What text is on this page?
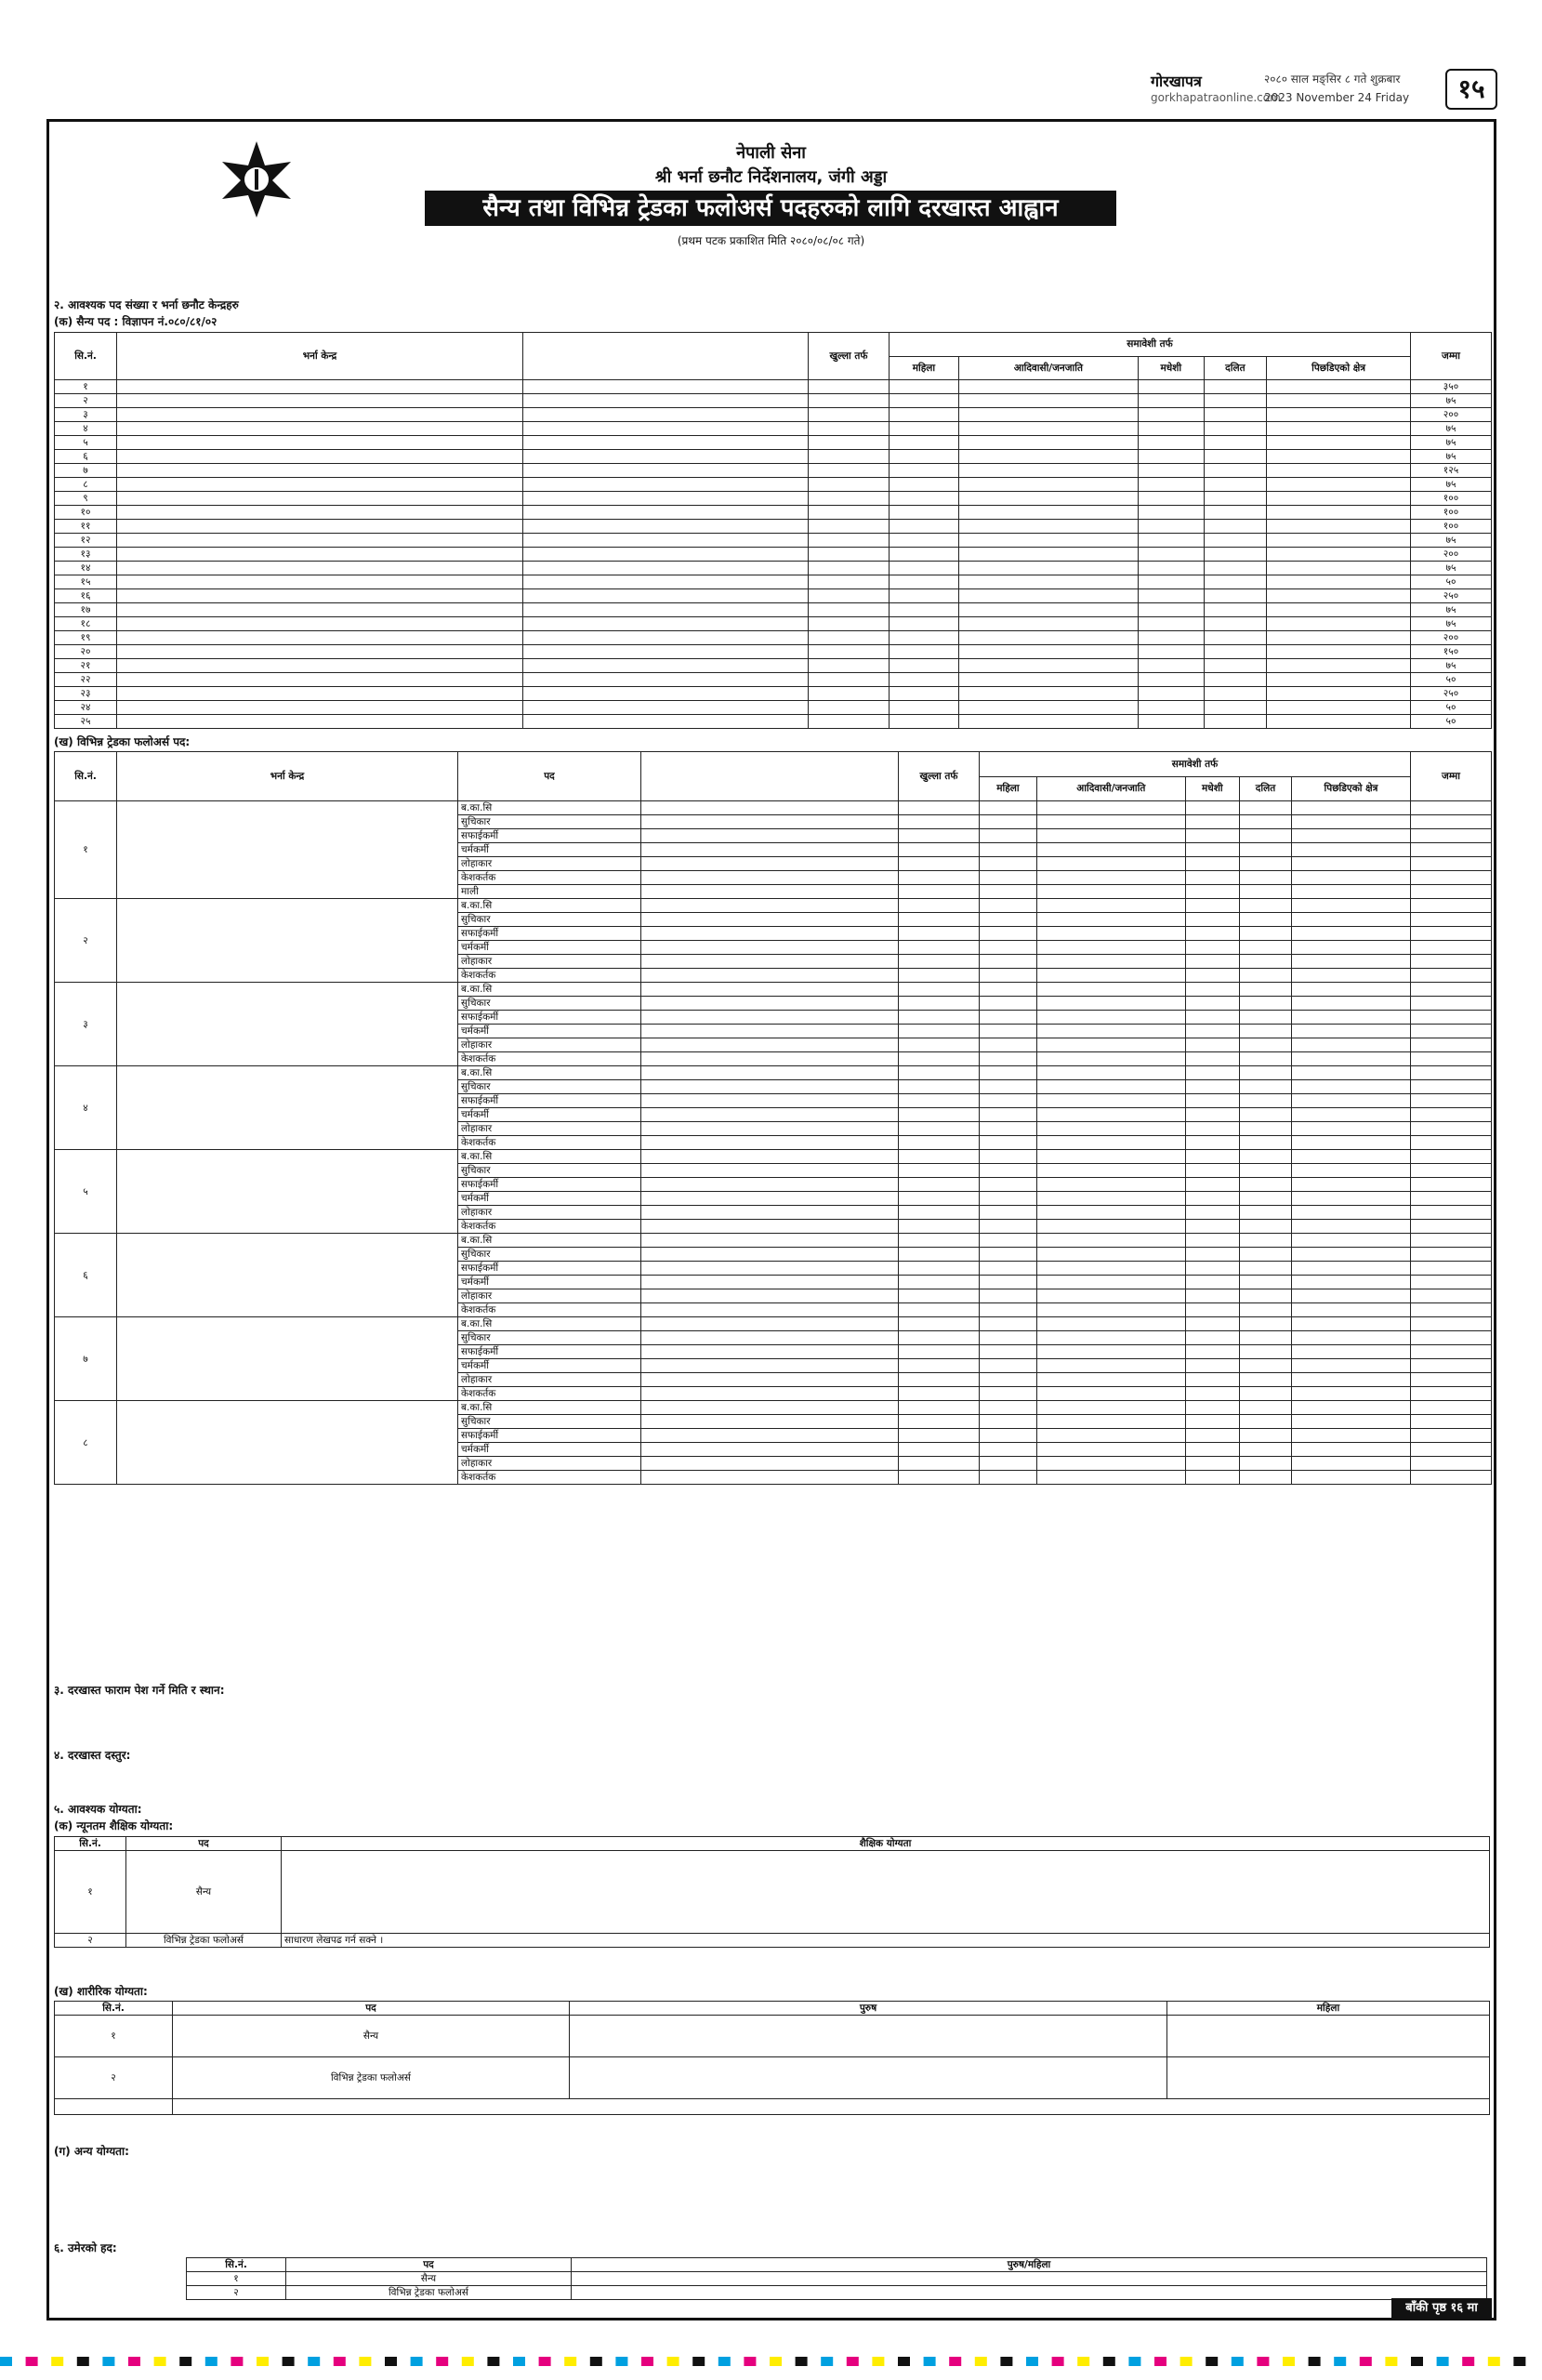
गोरखापत्र
gorkhapatraonline.com
२०८० साल मङ्सिर ८ गते शुक्रबार
2023 November 24 Friday	१५
नेपाली सेना
श्री भर्ना छनौट निर्देशनालय, जंगी अड्डा
सैन्य तथा विभिन्न ट्रेडका फलोअर्स पदहरुको लागि दरखास्त आह्वान
(प्रथम पटक प्रकाशित मिति २०८०/०८/०८ गते)
२. आवश्यक पद संख्या र भर्ना छनौट केन्द्रहरु
(क) सैन्य पद : विज्ञापन नं.०८०/८१/०२
सि.नं.	भर्ना केन्द्र		खुल्ला तर्फ	समावेशी तर्फ					जम्मा
				महिला	आदिवासी/जनजाति	मधेशी	दलित	पिछडिएको क्षेत्र	
१									३५०
२									७५
३									२००
४									७५
५									७५
६									७५
७									१२५
८									७५
९									१००
१०									१००
११									१००
१२									७५
१३									२००
१४									७५
१५									५०
१६									२५०
१७									७५
१८									७५
१९									२००
२०									१५०
२१									७५
२२									५०
२३									२५०
२४									५०
२५									५०
(ख) विभिन्न ट्रेडका फलोअर्स पद:
सि.नं.	भर्ना केन्द्र	पद		खुल्ला तर्फ	समावेशी तर्फ					जम्मा
					महिला	आदिवासी/जनजाति	मधेशी	दलित	पिछडिएको क्षेत्र	
१		ब.का.सि								
		सुचिकार								
		सफाईकर्मी								
		चर्मकर्मी								
		लोहाकार								
		केशकर्तक								
		माली								
२		ब.का.सि								
		सुचिकार								
		सफाईकर्मी								
		चर्मकर्मी								
		लोहाकार								
		केशकर्तक								
३		ब.का.सि								
		सुचिकार								
		सफाईकर्मी								
		चर्मकर्मी								
		लोहाकार								
		केशकर्तक								
४		ब.का.सि								
		सुचिकार								
		सफाईकर्मी								
		चर्मकर्मी								
		लोहाकार								
		केशकर्तक								
५		ब.का.सि								
		सुचिकार								
		सफाईकर्मी								
		चर्मकर्मी								
		लोहाकार								
		केशकर्तक								
६		ब.का.सि								
		सुचिकार								
		सफाईकर्मी								
		चर्मकर्मी								
		लोहाकार								
		केशकर्तक								
७		ब.का.सि								
		सुचिकार								
		सफाईकर्मी								
		चर्मकर्मी								
		लोहाकार								
		केशकर्तक								
८		ब.का.सि								
		सुचिकार								
		सफाईकर्मी								
		चर्मकर्मी								
		लोहाकार								
		केशकर्तक								
३. दरखास्त फाराम पेश गर्ने मिति र स्थान:
४. दरखास्त दस्तुर:
५. आवश्यक योग्यता:
(क) न्यूनतम शैक्षिक योग्यता:
सि.नं.	पद	शैक्षिक योग्यता
१	सैन्य	
२	विभिन्न ट्रेडका फलोअर्स	साधारण लेखपढ गर्न सक्ने ।
(ख) शारीरिक योग्यता:
सि.नं.	पद	पुरुष	महिला
१	सैन्य		
२	विभिन्न ट्रेडका फलोअर्स		

(ग) अन्य योग्यता:
६. उमेरको हद:
सि.नं.	पद	पुरुष/महिला
१	सैन्य	
२	विभिन्न ट्रेडका फलोअर्स	
बाँकी पृष्ठ १६ मा
